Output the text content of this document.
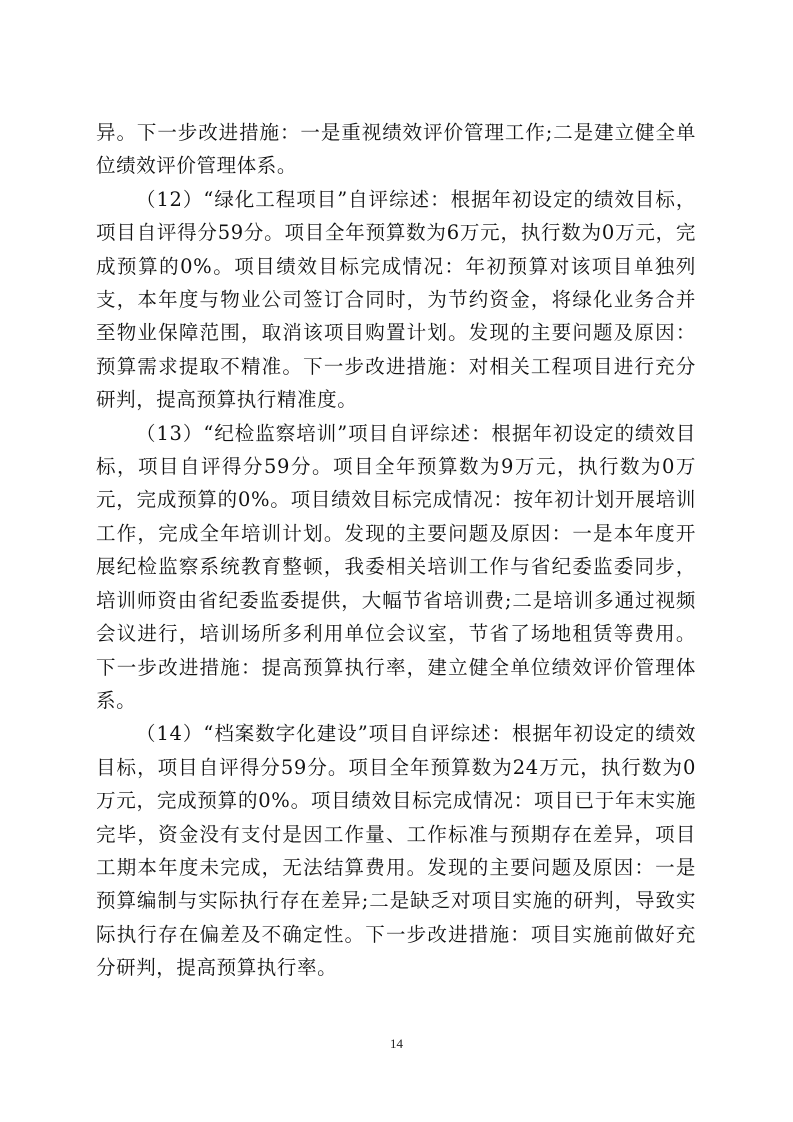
异。下一步改进措施：一是重视绩效评价管理工作;二是建立健全单位绩效评价管理体系。

（12）“绿化工程项目”自评综述：根据年初设定的绩效目标，项目自评得分59分。项目全年预算数为6万元，执行数为0万元，完成预算的0%。项目绩效目标完成情况：年初预算对该项目单独列支，本年度与物业公司签订合同时，为节约资金，将绿化业务合并至物业保障范围，取消该项目购置计划。发现的主要问题及原因：预算需求提取不精准。下一步改进措施：对相关工程项目进行充分研判，提高预算执行精准度。

（13）“纪检监察培训”项目自评综述：根据年初设定的绩效目标，项目自评得分59分。项目全年预算数为9万元，执行数为0万元，完成预算的0%。项目绩效目标完成情况：按年初计划开展培训工作，完成全年培训计划。发现的主要问题及原因：一是本年度开展纪检监察系统教育整顿，我委相关培训工作与省纪委监委同步，培训师资由省纪委监委提供，大幅节省培训费;二是培训多通过视频会议进行，培训场所多利用单位会议室，节省了场地租赁等费用。下一步改进措施：提高预算执行率，建立健全单位绩效评价管理体系。

（14）“档案数字化建设”项目自评综述：根据年初设定的绩效目标，项目自评得分59分。项目全年预算数为24万元，执行数为0万元，完成预算的0%。项目绩效目标完成情况：项目已于年末实施完毕，资金没有支付是因工作量、工作标准与预期存在差异，项目工期本年度未完成，无法结算费用。发现的主要问题及原因：一是预算编制与实际执行存在差异;二是缺乏对项目实施的研判，导致实际执行存在偏差及不确定性。下一步改进措施：项目实施前做好充分研判，提高预算执行率。

14
